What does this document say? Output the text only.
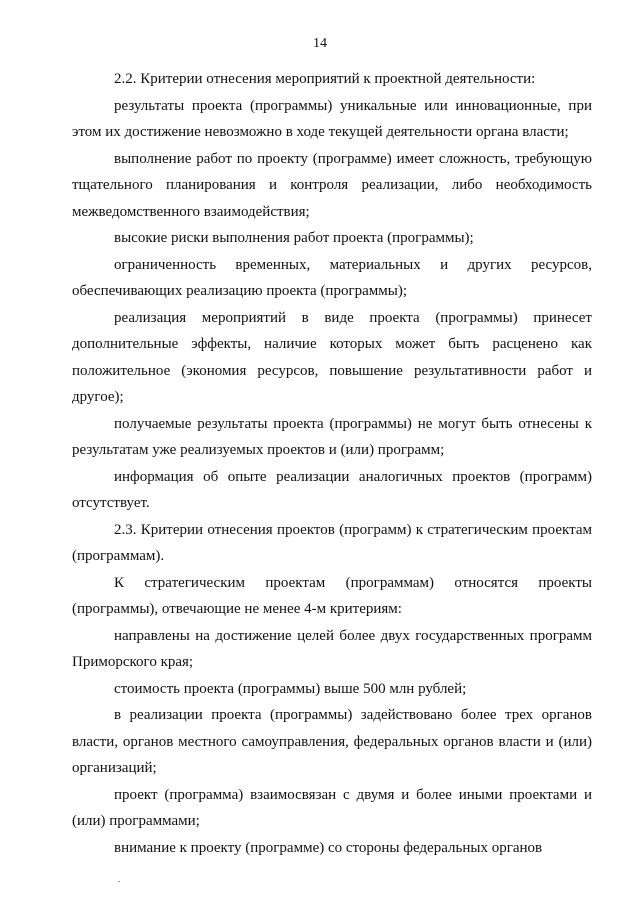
14

2.2. Критерии отнесения мероприятий к проектной деятельности:

результаты проекта (программы) уникальные или инновационные, при этом их достижение невозможно в ходе текущей деятельности органа власти;

выполнение работ по проекту (программе) имеет сложность, требующую тщательного планирования и контроля реализации, либо необходимость межведомственного взаимодействия;

высокие риски выполнения работ проекта (программы);

ограниченность временных, материальных и других ресурсов, обеспечивающих реализацию проекта (программы);

реализация мероприятий в виде проекта (программы) принесет дополнительные эффекты, наличие которых может быть расценено как положительное (экономия ресурсов, повышение результативности работ и другое);

получаемые результаты проекта (программы) не могут быть отнесены к результатам уже реализуемых проектов и (или) программ;

информация об опыте реализации аналогичных проектов (программ) отсутствует.

2.3. Критерии отнесения проектов (программ) к стратегическим проектам (программам).

К стратегическим проектам (программам) относятся проекты (программы), отвечающие не менее 4-м критериям:

направлены на достижение целей более двух государственных программ Приморского края;

стоимость проекта (программы) выше 500 млн рублей;

в реализации проекта (программы) задействовано более трех органов власти, органов местного самоуправления, федеральных органов власти и (или) организаций;

проект (программа) взаимосвязан с двумя и более иными проектами и (или) программами;

внимание к проекту (программе) со стороны федеральных органов
